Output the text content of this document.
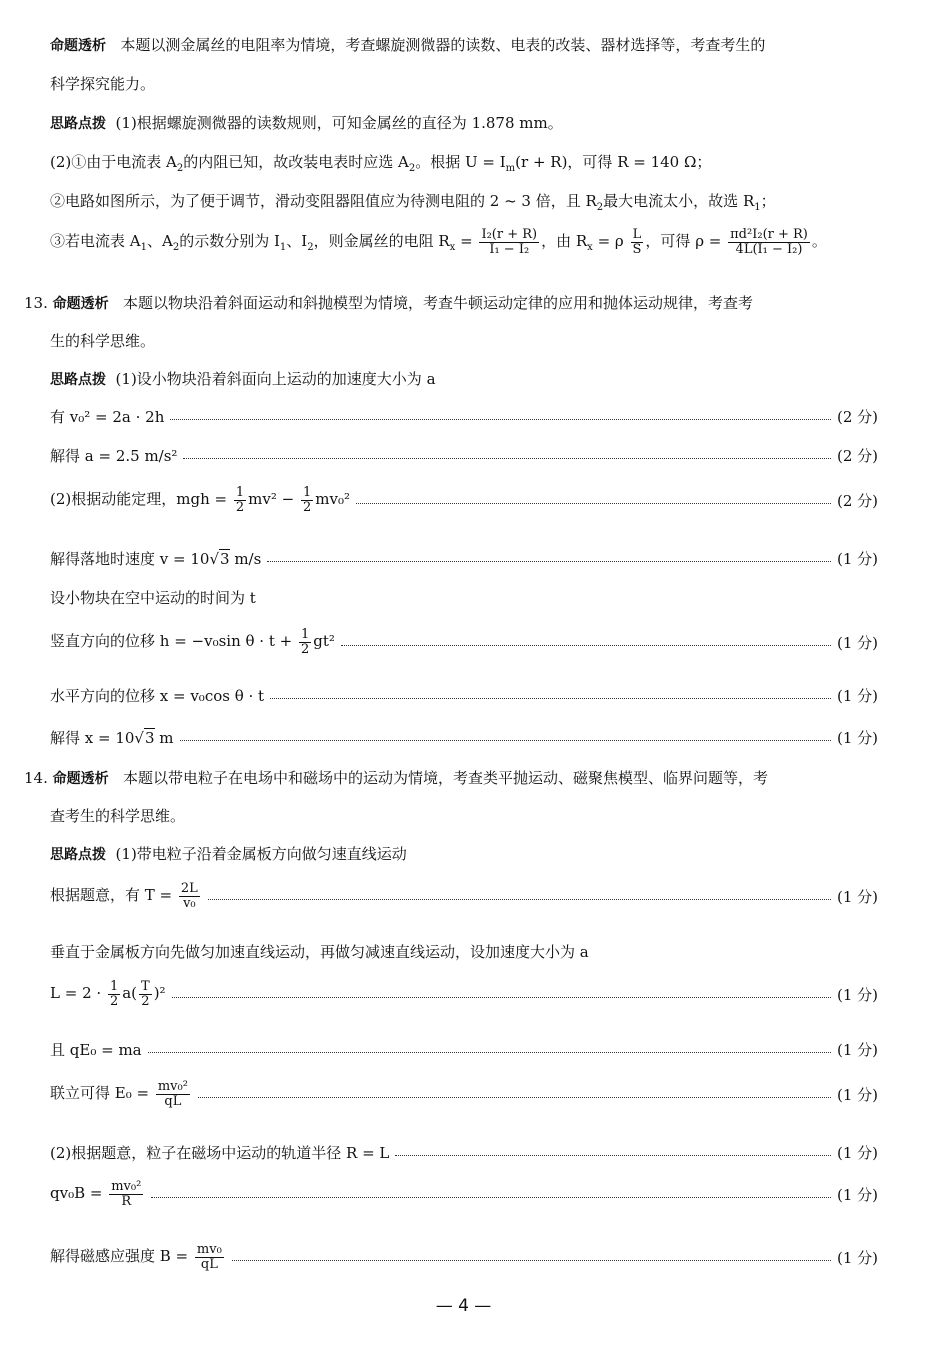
命题透析 本题以测金属丝的电阻率为情境，考查螺旋测微器的读数、电表的改装、器材选择等，考查考生的
科学探究能力。
思路点拨 (1)根据螺旋测微器的读数规则，可知金属丝的直径为 1.878 mm。
(2)①由于电流表 $A_2$的内阻已知，故改装电表时应选 $A_2$。根据 $U = I_m(r + R)$，可得 R = 140 Ω；
②电路如图所示，为了便于调节，滑动变阻器阻值应为待测电阻的 2 ~ 3 倍，且 $R_2$最大电流太小，故选 $R_1$；
③若电流表 $A_1$、$A_2$的示数分别为 $I_1$、$I_2$，则金属丝的电阻 $R_x = \frac{\text{I₂(r + R)}}{\text{I₁ − I₂}}$ ，由 $R_x = \rho \frac{L}{S}$ ，可得 $\rho = \frac{\text{πd²I₂(r + R)}}{\text{4L(I₁ − I₂)}}$ 。
13. 命题透析 本题以物块沿着斜面运动和斜抛模型为情境，考查牛顿运动定律的应用和抛体运动规律，考查考
生的科学思维。
思路点拨 (1)设小物块沿着斜面向上运动的加速度大小为 a
有 v₀² = 2a · 2h	(2 分)
解得 a = 2.5 m/s²	(2 分)
(2)根据动能定理，mgh = $\frac{1}{2} mv^2 - \frac{1}{2} mv_0^2$	(2 分)
解得落地时速度 v = 10√3 m/s	(1 分)
设小物块在空中运动的时间为 t
竖直方向的位移 h = −v₀sin $\theta \cdot t + \frac{1}{2} gt^2$	(1 分)
水平方向的位移 x = v₀cos θ · t	(1 分)
解得 x = 10√3 m	(1 分)
14. 命题透析 本题以带电粒子在电场中和磁场中的运动为情境，考查类平抛运动、磁聚焦模型、临界问题等，考
查考生的科学思维。
思路点拨 (1)带电粒子沿着金属板方向做匀速直线运动
根据题意，有 $T = \frac{2L}{\text{v₀}}$	(1 分)
垂直于金属板方向先做匀加速直线运动，再做匀减速直线运动，设加速度大小为 a
$L = 2 \cdot \frac{1}{2} a( \frac{T}{2} )^2$	(1 分)
且 qE₀ = ma	(1 分)
联立可得 $E_0 = \frac{\text{mv₀²}}{qL}$	(1 分)
(2)根据题意，粒子在磁场中运动的轨道半径 R = L	(1 分)
$qv_0B = \frac{\text{mv₀²}}{R}$	(1 分)
解得磁感应强度 $B = \frac{\text{mv₀}}{qL}$	(1 分)
— 4 —
